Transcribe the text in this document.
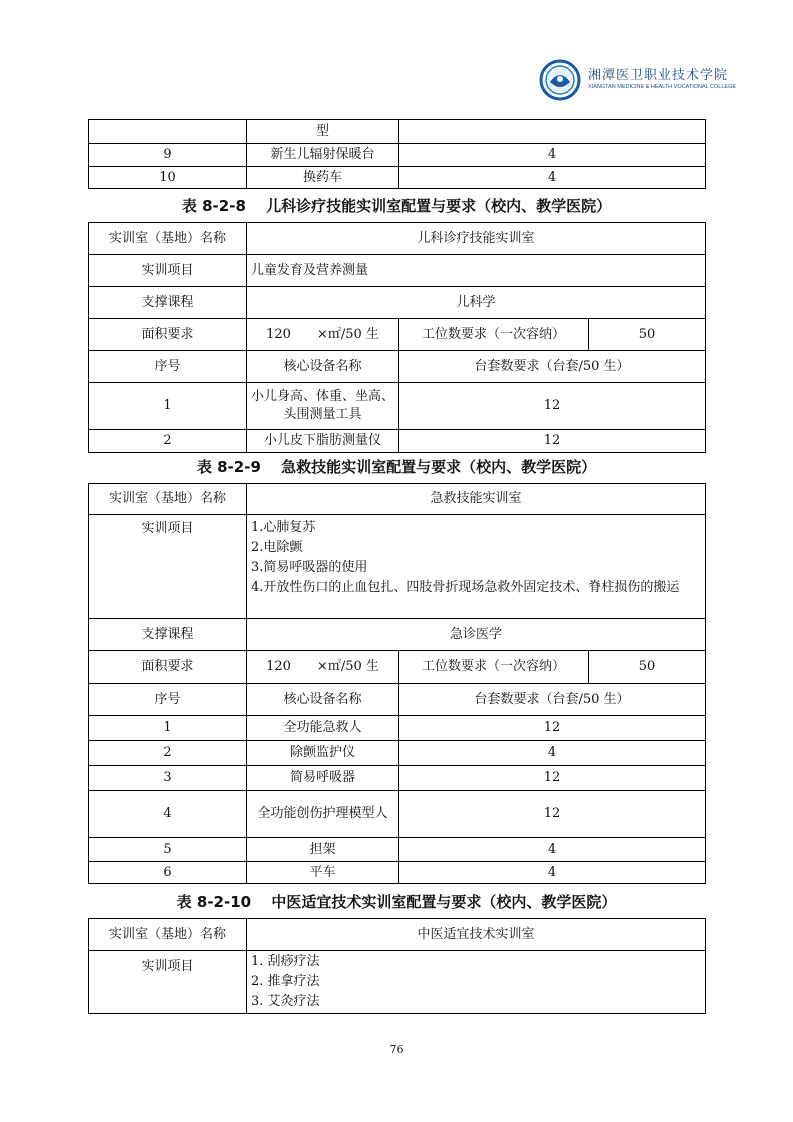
湘潭医卫职业技术学院
XIANGTAN MEDICINE & HEALTH VOCATIONAL COLLEGE
	型	
9	新生儿辐射保暖台	4
10	换药车	4
表 8-2-8　 儿科诊疗技能实训室配置与要求（校内、教学医院）
实训室（基地）名称	儿科诊疗技能实训室		
实训项目	儿童发育及营养测量		
支撑课程	儿科学		
面积要求	120　　×㎡/50 生	工位数要求（一次容纳）	50
序号	核心设备名称	台套数要求（台套/50 生）	
1	小儿身高、体重、坐高、头围测量工具	12	
2	小儿皮下脂肪测量仪	12	
表 8-2-9　 急救技能实训室配置与要求（校内、教学医院）
实训室（基地）名称	急救技能实训室		
实训项目	1.心肺复苏
2.电除颤
3.简易呼吸器的使用
4.开放性伤口的止血包扎、四肢骨折现场急救外固定技术、脊柱损伤的搬运		

支撑课程	急诊医学		
面积要求	120　　×㎡/50 生	工位数要求（一次容纳）	50
序号	核心设备名称	台套数要求（台套/50 生）	
1	全功能急救人	12	
2	除颤监护仪	4	
3	简易呼吸器	12	
4	全功能创伤护理模型人	12	
5	担架	4	
6	平车	4	
表 8-2-10　 中医适宜技术实训室配置与要求（校内、教学医院）
实训室（基地）名称	中医适宜技术实训室
实训项目	1. 刮痧疗法
2. 推拿疗法
3. 艾灸疗法
76
